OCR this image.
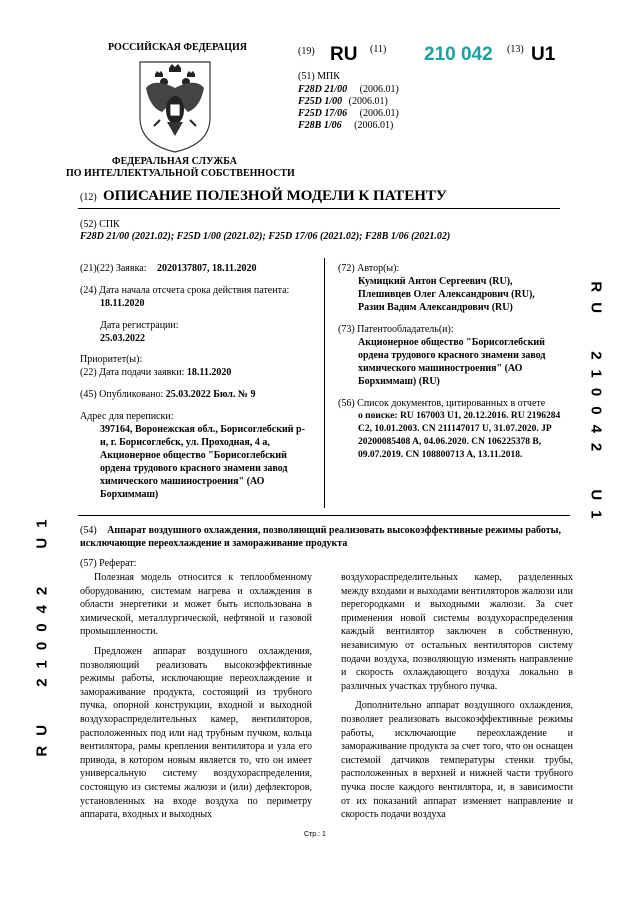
РОССИЙСКАЯ ФЕДЕРАЦИЯ
ФЕДЕРАЛЬНАЯ СЛУЖБА
ПО ИНТЕЛЛЕКТУАЛЬНОЙ СОБСТВЕННОСТИ
(19) RU (11) 210 042 (13) U1
(51) МПК
F28D 21/00 (2006.01)
F25D 1/00 (2006.01)
F25D 17/06 (2006.01)
F28B 1/06 (2006.01)
(12) ОПИСАНИЕ ПОЛЕЗНОЙ МОДЕЛИ К ПАТЕНТУ
(52) СПК
F28D 21/00 (2021.02); F25D 1/00 (2021.02); F25D 17/06 (2021.02); F28B 1/06 (2021.02)
(21)(22) Заявка: 2020137807, 18.11.2020
(24) Дата начала отсчета срока действия патента:
18.11.2020
Дата регистрации:
25.03.2022
Приоритет(ы):
(22) Дата подачи заявки: 18.11.2020
(45) Опубликовано: 25.03.2022 Бюл. № 9
Адрес для переписки:
397164, Воронежская обл., Борисоглебский р-
н, г. Борисоглебск, ул. Проходная, 4 а,
Акционерное общество "Борисоглебский
ордена трудового красного знамени завод
химического машиностроения" (АО
Борхиммаш)
(72) Автор(ы):
Кумицкий Антон Сергеевич (RU),
Плешивцев Олег Александрович (RU),
Разин Вадим Александрович (RU)
(73) Патентообладатель(и):
Акционерное общество "Борисоглебский
ордена трудового красного знамени завод
химического машиностроения" (АО
Борхиммаш) (RU)
(56) Список документов, цитированных в отчете
о поиске: RU 167003 U1, 20.12.2016. RU 2196284
C2, 10.01.2003. CN 211147017 U, 31.07.2020. JP
20200085408 A, 04.06.2020. CN 106225378 B,
09.07.2019. CN 108800713 A, 13.11.2018.
(54) Аппарат воздушного охлаждения, позволяющий реализовать высокоэффективные режимы работы,
исключающие переохлаждение и замораживание продукта
(57) Реферат:

Полезная модель относится к теплообменному оборудованию, системам нагрева и охлаждения в области энергетики и может быть использована в химической, металлургической, нефтяной и газовой промышленности.

Предложен аппарат воздушного охлаждения, позволяющий реализовать высокоэффективные режимы работы, исключающие переохлаждение и замораживание продукта, состоящий из трубного пучка, опорной конструкции, входной и выходной воздухораспределительных камер, вентиляторов, расположенных под или над трубным пучком, кольца вентилятора, рамы крепления вентилятора и узла его привода, в котором новым является то, что он имеет универсальную систему воздухораспределения, состоящую из системы жалюзи и (или) дефлекторов, установленных на входе воздуха по периметру аппарата, входных и выходных

воздухораспределительных камер, разделенных между входами и выходами вентиляторов жалюзи или перегородками и выходными жалюзи. За счет применения новой системы воздухораспределения каждый вентилятор заключен в собственную, независимую от остальных вентиляторов систему подачи воздуха, позволяющую изменять направление и скорость охлаждающего воздуха локально в различных участках трубного пучка.

Дополнительно аппарат воздушного охлаждения, позволяет реализовать высокоэффективные режимы работы, исключающие переохлаждение и замораживание продукта за счет того, что он оснащен системой датчиков температуры стенки трубы, расположенных в верхней и нижней части трубного пучка после каждого вентилятора, и, в зависимости от их показаний аппарат изменяет направление и скорость подачи воздуха

RU 210042 U1
RU 210042 U1
Стр.: 1
